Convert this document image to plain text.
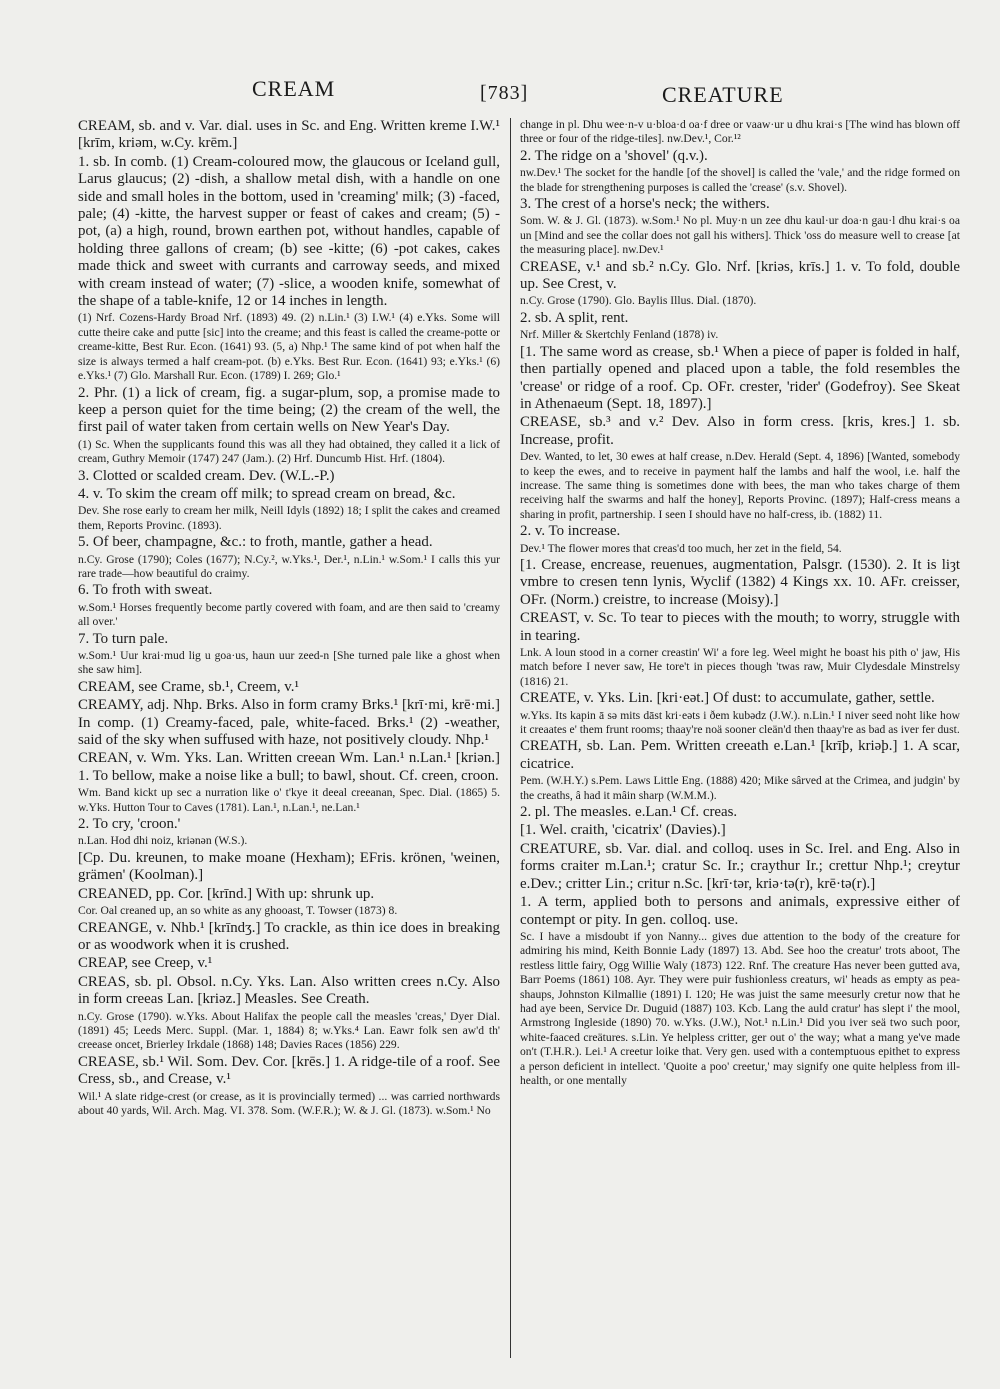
CREAM	[783]	CREATURE

CREAM, sb. and v. Var. dial. uses in Sc. and Eng. Written kreme I.W.¹ [krīm, kriəm, w.Cy. krēm.]

1. sb. In comb. (1) Cream-coloured mow, the glaucous or Iceland gull, Larus glaucus; (2) -dish, a shallow metal dish, with a handle on one side and small holes in the bottom, used in 'creaming' milk; (3) -faced, pale; (4) -kitte, the harvest supper or feast of cakes and cream; (5) -pot, (a) a high, round, brown earthen pot, without handles, capable of holding three gallons of cream; (b) see -kitte; (6) -pot cakes, cakes made thick and sweet with currants and carroway seeds, and mixed with cream instead of water; (7) -slice, a wooden knife, somewhat of the shape of a table-knife, 12 or 14 inches in length.

(1) Nrf. Cozens-Hardy Broad Nrf. (1893) 49. (2) n.Lin.¹ (3) I.W.¹ (4) e.Yks. Some will cutte theire cake and putte [sic] into the creame; and this feast is called the creame-potte or creame-kitte, Best Rur. Econ. (1641) 93. (5, a) Nhp.¹ The same kind of pot when half the size is always termed a half cream-pot. (b) e.Yks. Best Rur. Econ. (1641) 93; e.Yks.¹ (6) e.Yks.¹ (7) Glo. Marshall Rur. Econ. (1789) I. 269; Glo.¹

2. Phr. (1) a lick of cream, fig. a sugar-plum, sop, a promise made to keep a person quiet for the time being; (2) the cream of the well, the first pail of water taken from certain wells on New Year's Day.

(1) Sc. When the supplicants found this was all they had obtained, they called it a lick of cream, Guthry Memoir (1747) 247 (Jam.). (2) Hrf. Duncumb Hist. Hrf. (1804).

3. Clotted or scalded cream. Dev. (W.L.-P.)

4. v. To skim the cream off milk; to spread cream on bread, &c.

Dev. She rose early to cream her milk, Neill Idyls (1892) 18; I split the cakes and creamed them, Reports Provinc. (1893).

5. Of beer, champagne, &c.: to froth, mantle, gather a head.

n.Cy. Grose (1790); Coles (1677); N.Cy.², w.Yks.¹, Der.¹, n.Lin.¹ w.Som.¹ I calls this yur rare trade—how beautiful do craimy.

6. To froth with sweat.

w.Som.¹ Horses frequently become partly covered with foam, and are then said to 'creamy all over.'

7. To turn pale.

w.Som.¹ Uur krai·mud lig u goa·us, haun uur zeed-n [She turned pale like a ghost when she saw him].

CREAM, see Crame, sb.¹, Creem, v.¹

CREAMY, adj. Nhp. Brks. Also in form cramy Brks.¹ [krī·mi, krē·mi.] In comp. (1) Creamy-faced, pale, white-faced. Brks.¹ (2) -weather, said of the sky when suffused with haze, not positively cloudy. Nhp.¹

CREAN, v. Wm. Yks. Lan. Written creean Wm. Lan.¹ n.Lan.¹ [kriən.] 1. To bellow, make a noise like a bull; to bawl, shout. Cf. creen, croon.

Wm. Band kickt up sec a nurration like o' t'kye it deeal creeanan, Spec. Dial. (1865) 5. w.Yks. Hutton Tour to Caves (1781). Lan.¹, n.Lan.¹, ne.Lan.¹

2. To cry, 'croon.'

n.Lan. Hod dhi noiz, kriənən (W.S.).

[Cp. Du. kreunen, to make moane (Hexham); EFris. krönen, 'weinen, grämen' (Koolman).]

CREANED, pp. Cor. [krīnd.] With up: shrunk up.

Cor. Oal creaned up, an so white as any ghooast, T. Towser (1873) 8.

CREANGE, v. Nhb.¹ [krīndʒ.] To crackle, as thin ice does in breaking or as woodwork when it is crushed.

CREAP, see Creep, v.¹

CREAS, sb. pl. Obsol. n.Cy. Yks. Lan. Also written crees n.Cy. Also in form creeas Lan. [kriəz.] Measles. See Creath.

n.Cy. Grose (1790). w.Yks. About Halifax the people call the measles 'creas,' Dyer Dial. (1891) 45; Leeds Merc. Suppl. (Mar. 1, 1884) 8; w.Yks.⁴ Lan. Eawr folk sen aw'd th' creease oncet, Brierley Irkdale (1868) 148; Davies Races (1856) 229.

CREASE, sb.¹ Wil. Som. Dev. Cor. [krēs.] 1. A ridge-tile of a roof. See Cress, sb., and Crease, v.¹

Wil.¹ A slate ridge-crest (or crease, as it is provincially termed) ... was carried northwards about 40 yards, Wil. Arch. Mag. VI. 378. Som. (W.F.R.); W. & J. Gl. (1873). w.Som.¹ No

change in pl. Dhu wee·n-v u·bloa·d oa·f dree or vaaw·ur u dhu krai·s [The wind has blown off three or four of the ridge-tiles]. nw.Dev.¹, Cor.¹²

2. The ridge on a 'shovel' (q.v.).

nw.Dev.¹ The socket for the handle [of the shovel] is called the 'vale,' and the ridge formed on the blade for strengthening purposes is called the 'crease' (s.v. Shovel).

3. The crest of a horse's neck; the withers.

Som. W. & J. Gl. (1873). w.Som.¹ No pl. Muy·n un zee dhu kaul·ur doa·n gau·l dhu krai·s oa un [Mind and see the collar does not gall his withers]. Thick 'oss do measure well to crease [at the measuring place]. nw.Dev.¹

CREASE, v.¹ and sb.² n.Cy. Glo. Nrf. [kriəs, krīs.] 1. v. To fold, double up. See Crest, v.

n.Cy. Grose (1790). Glo. Baylis Illus. Dial. (1870).

2. sb. A split, rent.

Nrf. Miller & Skertchly Fenland (1878) iv.

[1. The same word as crease, sb.¹ When a piece of paper is folded in half, then partially opened and placed upon a table, the fold resembles the 'crease' or ridge of a roof. Cp. OFr. crester, 'rider' (Godefroy). See Skeat in Athenaeum (Sept. 18, 1897).]

CREASE, sb.³ and v.² Dev. Also in form cress. [kris, kres.] 1. sb. Increase, profit.

Dev. Wanted, to let, 30 ewes at half crease, n.Dev. Herald (Sept. 4, 1896) [Wanted, somebody to keep the ewes, and to receive in payment half the lambs and half the wool, i.e. half the increase. The same thing is sometimes done with bees, the man who takes charge of them receiving half the swarms and half the honey], Reports Provinc. (1897); Half-cress means a sharing in profit, partnership. I seen I should have no half-cress, ib. (1882) 11.

2. v. To increase.

Dev.¹ The flower mores that creas'd too much, her zet in the field, 54.

[1. Crease, encrease, reuenues, augmentation, Palsgr. (1530). 2. It is liȝt vmbre to cresen tenn lynis, Wyclif (1382) 4 Kings xx. 10. AFr. creisser, OFr. (Norm.) creistre, to increase (Moisy).]

CREAST, v. Sc. To tear to pieces with the mouth; to worry, struggle with in tearing.

Lnk. A loun stood in a corner creastin' Wi' a fore leg. Weel might he boast his pith o' jaw, His match before I never saw, He tore't in pieces though 'twas raw, Muir Clydesdale Minstrelsy (1816) 21.

CREATE, v. Yks. Lin. [kri·eət.] Of dust: to accumulate, gather, settle.

w.Yks. Its kapin ā sə mits dāst kri·eəts i ðem kubədz (J.W.). n.Lin.¹ I niver seed noht like how it creaates e' them frunt rooms; thaay're noä sooner cleän'd then thaay're as bad as iver fer dust.

CREATH, sb. Lan. Pem. Written creeath e.Lan.¹ [krīþ, kriəþ.] 1. A scar, cicatrice.

Pem. (W.H.Y.) s.Pem. Laws Little Eng. (1888) 420; Mike sârved at the Crimea, and judgin' by the creaths, â had it mâin sharp (W.M.M.).

2. pl. The measles. e.Lan.¹ Cf. creas.

[1. Wel. craith, 'cicatrix' (Davies).]

CREATURE, sb. Var. dial. and colloq. uses in Sc. Irel. and Eng. Also in forms craiter m.Lan.¹; cratur Sc. Ir.; craythur Ir.; crettur Nhp.¹; creytur e.Dev.; critter Lin.; critur n.Sc. [krī·tər, kriə·tə(r), krē·tə(r).]

1. A term, applied both to persons and animals, expressive either of contempt or pity. In gen. colloq. use.

Sc. I have a misdoubt if yon Nanny... gives due attention to the body of the creature for admiring his mind, Keith Bonnie Lady (1897) 13. Abd. See hoo the creatur' trots aboot, The restless little fairy, Ogg Willie Waly (1873) 122. Rnf. The creature Has never been gutted ava, Barr Poems (1861) 108. Ayr. They were puir fushionless creaturs, wi' heads as empty as pea-shaups, Johnston Kilmallie (1891) I. 120; He was juist the same meesurly cretur now that he had aye been, Service Dr. Duguid (1887) 103. Kcb. Lang the auld cratur' has slept i' the mool, Armstrong Ingleside (1890) 70. w.Yks. (J.W.), Not.¹ n.Lin.¹ Did you iver seä two such poor, white-faaced creätures. s.Lin. Ye helpless critter, ger out o' the way; what a mang ye've made on't (T.H.R.). Lei.¹ A creetur loike that. Very gen. used with a contemptuous epithet to express a person deficient in intellect. 'Quoite a poo' creetur,' may signify one quite helpless from ill-health, or one mentally
